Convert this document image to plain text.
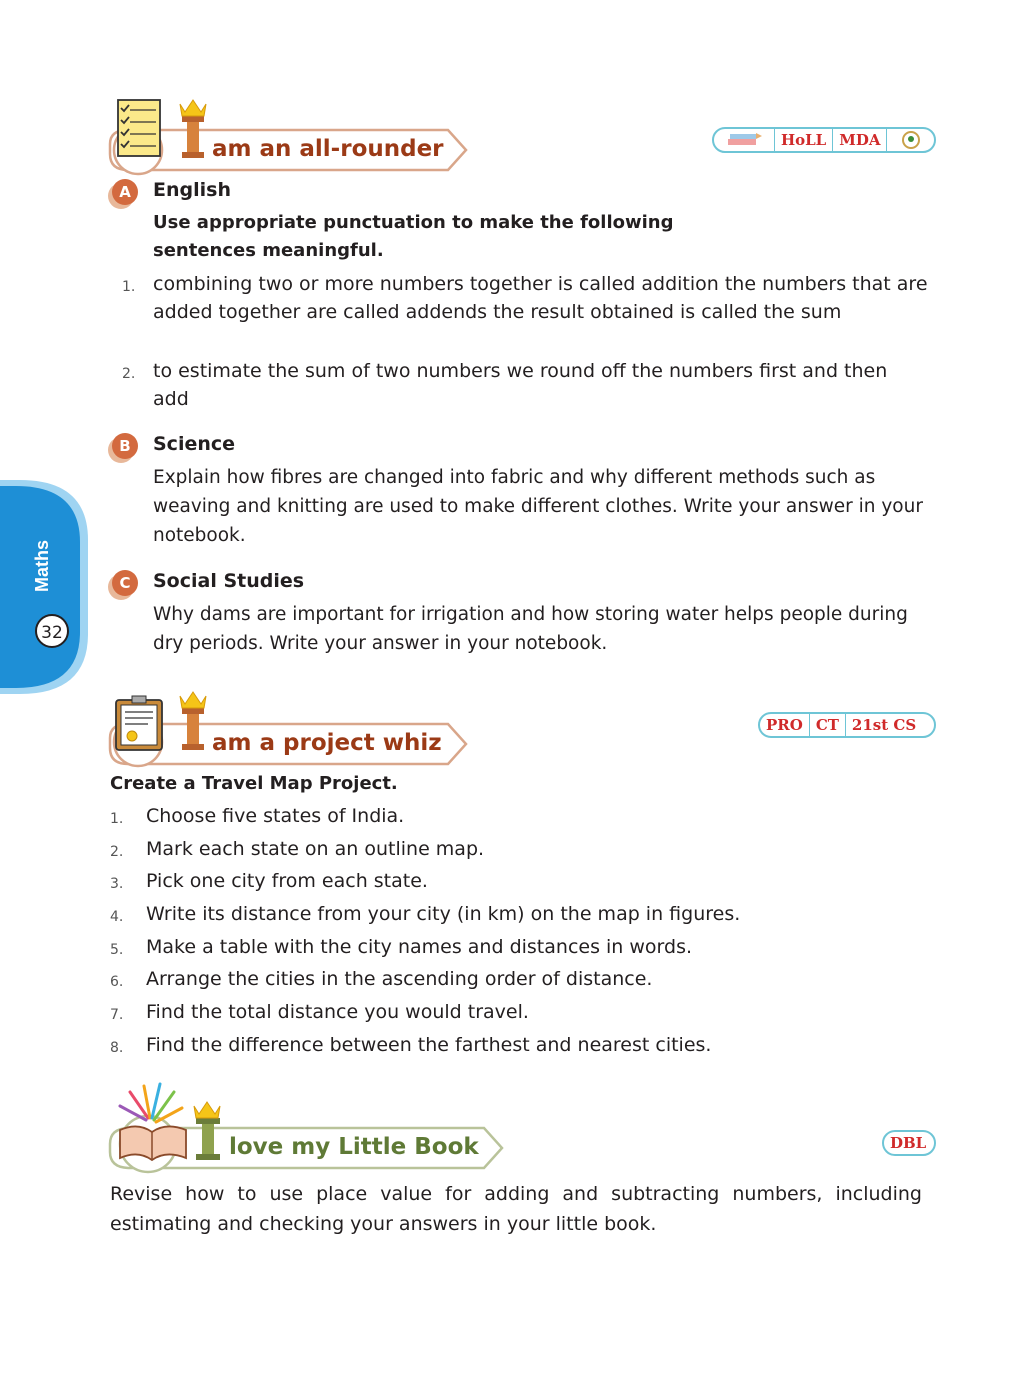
Maths
32
am an all-rounder	HoLL MDA
A	English
Use appropriate punctuation to make the following sentences meaningful.
1. combining two or more numbers together is called addition the numbers that are added together are called addends the result obtained is called the sum
2. to estimate the sum of two numbers we round off the numbers first and then add
B	Science
Explain how fibres are changed into fabric and why different methods such as weaving and knitting are used to make different clothes. Write your answer in your notebook.
C	Social Studies
Why dams are important for irrigation and how storing water helps people during dry periods. Write your answer in your notebook.
am a project whiz
PRO CT 21st CS
Create a Travel Map Project.
1. Choose five states of India.
2. Mark each state on an outline map.
3. Pick one city from each state.
4. Write its distance from your city (in km) on the map in figures.
5. Make a table with the city names and distances in words.
6. Arrange the cities in the ascending order of distance.
7. Find the total distance you would travel.
8. Find the difference between the farthest and nearest cities.
love my Little Book	DBL
Revise how to use place value for adding and subtracting numbers, including estimating and checking your answers in your little book.
